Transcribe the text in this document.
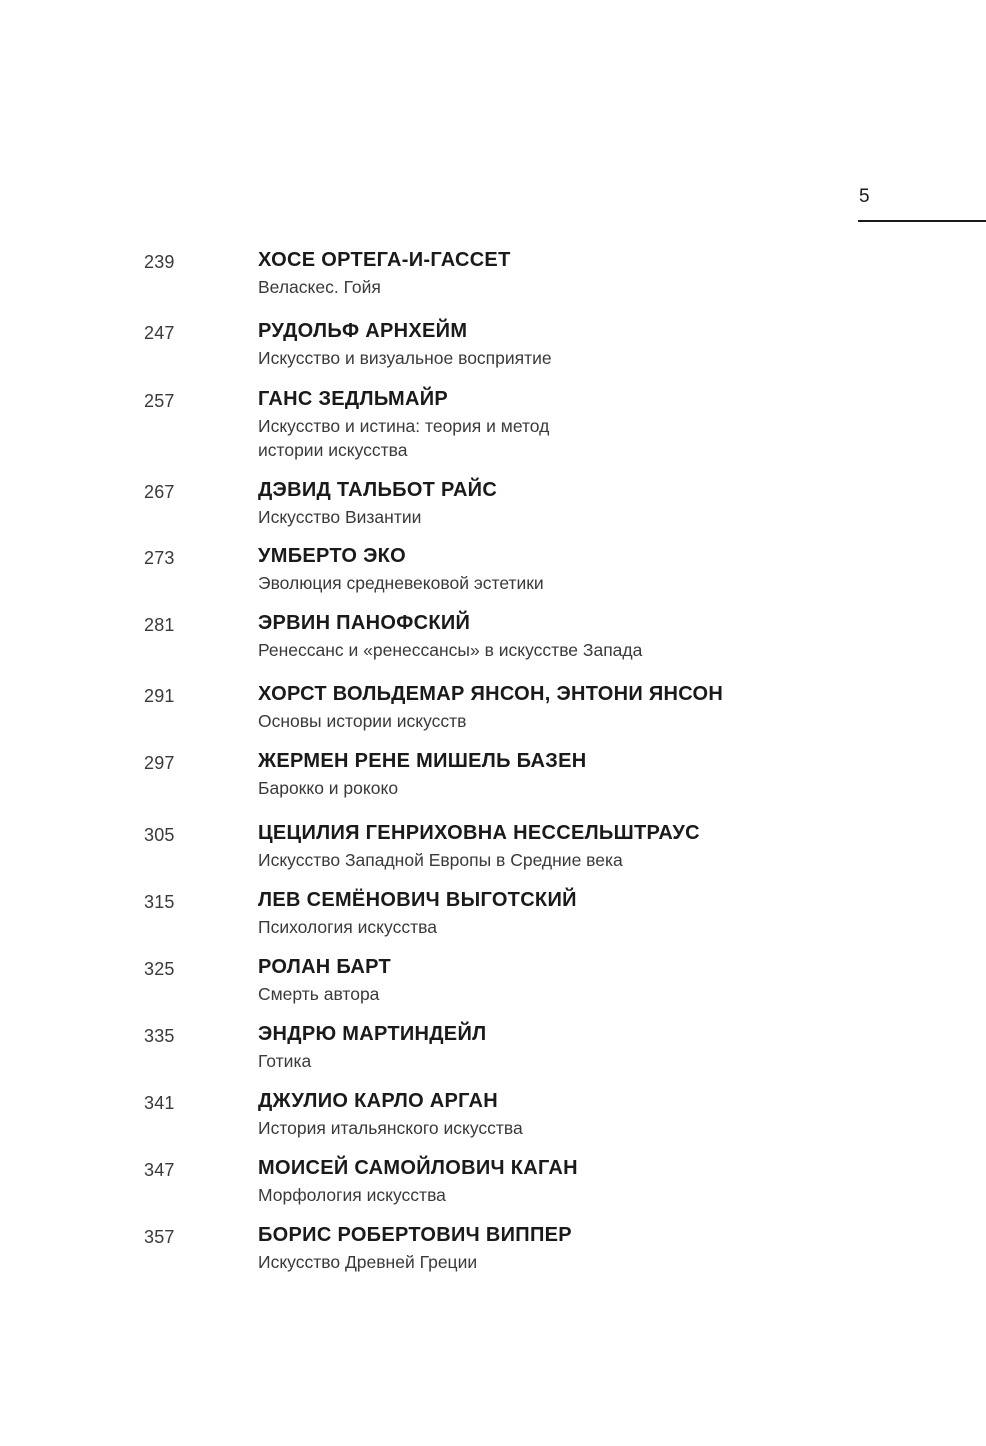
5
239	ХОСЕ ОРТЕГА-И-ГАССЕТ
Веласкес. Гойя
247	РУДОЛЬФ АРНХЕЙМ
Искусство и визуальное восприятие
257	ГАНС ЗЕДЛЬМАЙР
Искусство и истина: теория и метод истории искусства
267	ДЭВИД ТАЛЬБОТ РАЙС
Искусство Византии
273	УМБЕРТО ЭКО
Эволюция средневековой эстетики
281	ЭРВИН ПАНОФСКИЙ
Ренессанс и «ренессансы» в искусстве Запада
291	ХОРСТ ВОЛЬДЕМАР ЯНСОН, ЭНТОНИ ЯНСОН
Основы истории искусств
297	ЖЕРМЕН РЕНЕ МИШЕЛЬ БАЗЕН
Барокко и рококо
305	ЦЕЦИЛИЯ ГЕНРИХОВНА НЕССЕЛЬШТРАУС
Искусство Западной Европы в Средние века
315	ЛЕВ СЕМЁНОВИЧ ВЫГОТСКИЙ
Психология искусства
325	РОЛАН БАРТ
Смерть автора
335	ЭНДРЮ МАРТИНДЕЙЛ
Готика
341	ДЖУЛИО КАРЛО АРГАН
История итальянского искусства
347	МОИСЕЙ САМОЙЛОВИЧ КАГАН
Морфология искусства
357	БОРИС РОБЕРТОВИЧ ВИППЕР
Искусство Древней Греции
